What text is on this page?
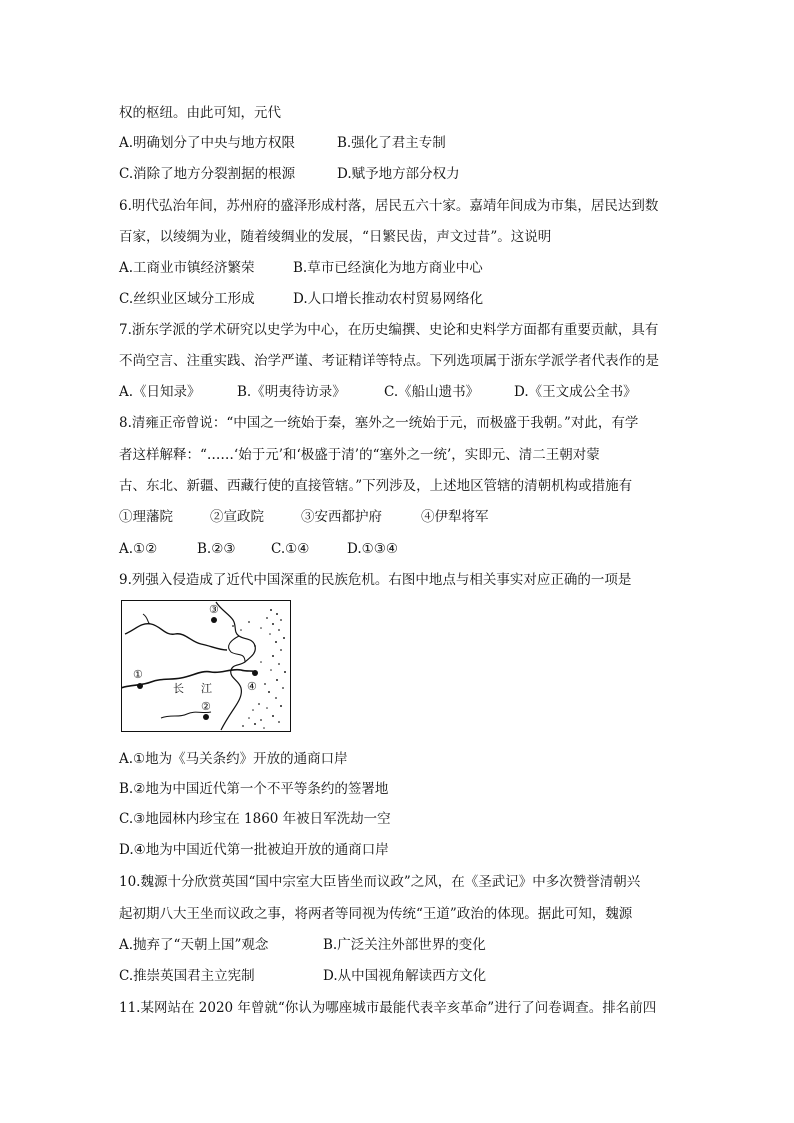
权的枢纽。由此可知，元代
A.明确划分了中央与地方权限	B.强化了君主专制
C.消除了地方分裂割据的根源	D.赋予地方部分权力
6.明代弘治年间，苏州府的盛泽形成村落，居民五六十家。嘉靖年间成为市集，居民达到数
百家，以绫绸为业，随着绫绸业的发展，“日繁民齿，声文过昔”。这说明
A.工商业市镇经济繁荣	B.草市已经演化为地方商业中心
C.丝织业区域分工形成	D.人口增长推动农村贸易网络化
7.浙东学派的学术研究以史学为中心，在历史编撰、史论和史料学方面都有重要贡献，具有
不尚空言、注重实践、治学严谨、考证精详等特点。下列选项属于浙东学派学者代表作的是
A.《日知录》	B.《明夷待访录》	C.《船山遗书》	D.《王文成公全书》
8.清雍正帝曾说：“中国之一统始于秦，塞外之一统始于元，而极盛于我朝。”对此，有学
者这样解释：“……‘始于元’和‘极盛于清’的“塞外之一统’，实即元、清二王朝对蒙
古、东北、新疆、西藏行使的直接管辖。”下列涉及，上述地区管辖的清朝机构或措施有
①理藩院	②宣政院	③安西都护府	④伊犁将军
A.①②	B.②③	C.①④	D.①③④
9.列强入侵造成了近代中国深重的民族危机。右图中地点与相关事实对应正确的一项是
③
①
④
②
长 江
A.①地为《马关条约》开放的通商口岸
B.②地为中国近代第一个不平等条约的签署地
C.③地园林内珍宝在 1860 年被日军洗劫一空
D.④地为中国近代第一批被迫开放的通商口岸
10.魏源十分欣赏英国“国中宗室大臣皆坐而议政”之风，在《圣武记》中多次赞誉清朝兴
起初期八大王坐而议政之事，将两者等同视为传统“王道”政治的体现。据此可知，魏源
A.抛弃了“天朝上国”观念	B.广泛关注外部世界的变化
C.推崇英国君主立宪制	D.从中国视角解读西方文化
11.某网站在 2020 年曾就“你认为哪座城市最能代表辛亥革命”进行了问卷调查。排名前四
